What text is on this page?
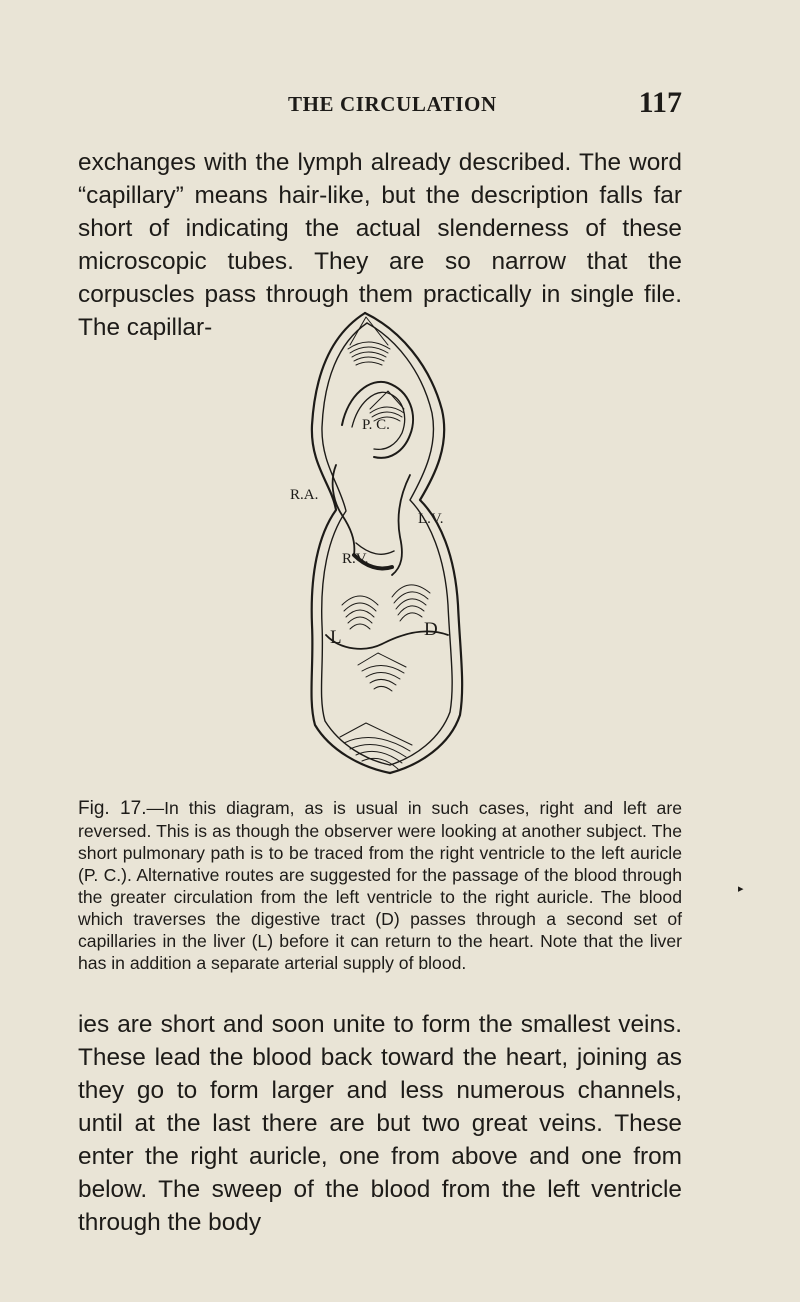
THE CIRCULATION	117

exchanges with the lymph already described. The word “capillary” means hair-like, but the description falls far short of indicating the actual slenderness of these microscopic tubes. They are so narrow that the corpuscles pass through them practically in single file. The capillar-

P. C.
R.A.
L.V.
R.V.
L	D

Fig. 17.—In this diagram, as is usual in such cases, right and left are reversed. This is as though the observer were looking at another subject. The short pulmonary path is to be traced from the right ventricle to the left auricle (P. C.). Alternative routes are suggested for the passage of the blood through the greater circulation from the left ventricle to the right auricle. The blood which traverses the digestive tract (D) passes through a second set of capillaries in the liver (L) before it can return to the heart. Note that the liver has in addition a separate arterial supply of blood.

▸

ies are short and soon unite to form the smallest veins. These lead the blood back toward the heart, joining as they go to form larger and less numerous channels, until at the last there are but two great veins. These enter the right auricle, one from above and one from below. The sweep of the blood from the left ventricle through the body
